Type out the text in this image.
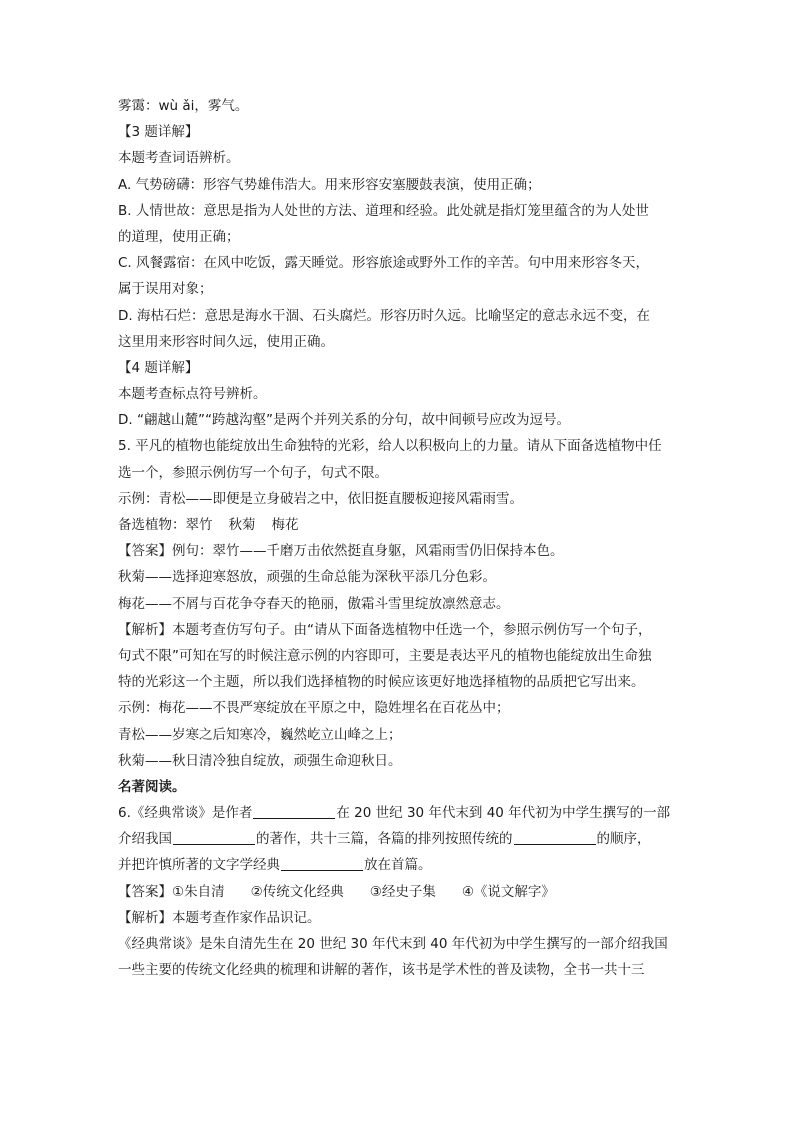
雾霭：wù ǎi，雾气。
【3 题详解】
本题考查词语辨析。
A. 气势磅礴：形容气势雄伟浩大。用来形容安塞腰鼓表演，使用正确；
B. 人情世故：意思是指为人处世的方法、道理和经验。此处就是指灯笼里蕴含的为人处世
的道理，使用正确；
C. 风餐露宿：在风中吃饭，露天睡觉。形容旅途或野外工作的辛苦。句中用来形容冬天，
属于误用对象；
D. 海枯石烂：意思是海水干涸、石头腐烂。形容历时久远。比喻坚定的意志永远不变，在
这里用来形容时间久远，使用正确。
【4 题详解】
本题考查标点符号辨析。
D. “翩越山麓”“跨越沟壑”是两个并列关系的分句，故中间顿号应改为逗号。
5. 平凡的植物也能绽放出生命独特的光彩，给人以积极向上的力量。请从下面备选植物中任
选一个，参照示例仿写一个句子，句式不限。
示例：青松——即便是立身破岩之中，依旧挺直腰板迎接风霜雨雪。
备选植物：翠竹 秋菊 梅花
【答案】例句：翠竹——千磨万击依然挺直身躯，风霜雨雪仍旧保持本色。
秋菊——选择迎寒怒放，顽强的生命总能为深秋平添几分色彩。
梅花——不屑与百花争夺春天的艳丽，傲霜斗雪里绽放凛然意志。
【解析】本题考查仿写句子。由“请从下面备选植物中任选一个，参照示例仿写一个句子，
句式不限”可知在写的时候注意示例的内容即可，主要是表达平凡的植物也能绽放出生命独
特的光彩这一个主题，所以我们选择植物的时候应该更好地选择植物的品质把它写出来。
示例：梅花——不畏严寒绽放在平原之中，隐姓埋名在百花丛中；
青松——岁寒之后知寒冷，巍然屹立山峰之上；
秋菊——秋日清冷独自绽放，顽强生命迎秋日。
名著阅读。
6.《经典常谈》是作者	在 20 世纪 30 年代末到 40 年代初为中学生撰写的一部
介绍我国	的著作，共十三篇，各篇的排列按照传统的	的顺序，
并把许慎所著的文字学经典	放在首篇。
【答案】①朱自清 ②传统文化经典 ③经史子集 ④《说文解字》
【解析】本题考查作家作品识记。
《经典常谈》是朱自清先生在 20 世纪 30 年代末到 40 年代初为中学生撰写的一部介绍我国
一些主要的传统文化经典的梳理和讲解的著作，该书是学术性的普及读物，全书一共十三
